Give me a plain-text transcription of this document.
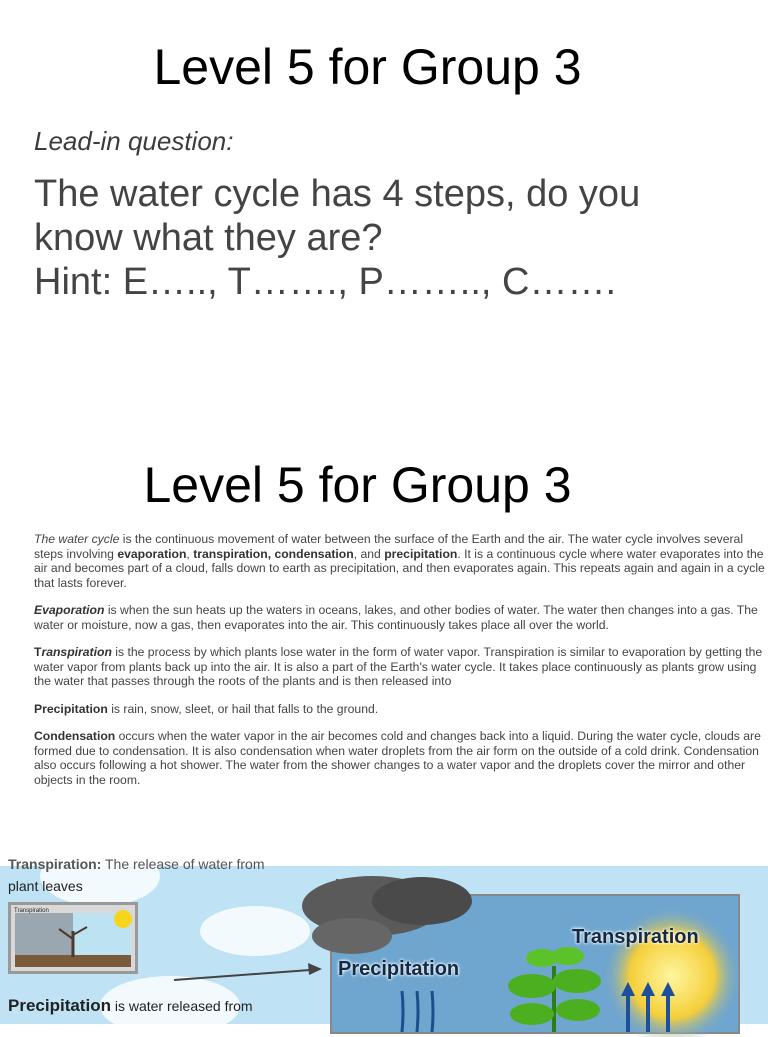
Level 5 for Group 3
Lead-in question:
The water cycle has 4 steps, do you
know what they are?
Hint: E….., T……., P…….., C…….
Level 5 for Group 3

The water cycle is the continuous movement of water between the surface of the Earth and the air. The water cycle involves several steps involving evaporation, transpiration, condensation, and precipitation. It is a continuous cycle where water evaporates into the air and becomes part of a cloud, falls down to earth as precipitation, and then evaporates again. This repeats again and again in a cycle that lasts forever.

Evaporation is when the sun heats up the waters in oceans, lakes, and other bodies of water. The water then changes into a gas. The water or moisture, now a gas, then evaporates into the air. This continuously takes place all over the world.

Transpiration is the process by which plants lose water in the form of water vapor. Transpiration is similar to evaporation by getting the water vapor from plants back up into the air. It is also a part of the Earth's water cycle. It takes place continuously as plants grow using the water that passes through the roots of the plants and is then released into

Precipitation is rain, snow, sleet, or hail that falls to the ground.

Condensation occurs when the water vapor in the air becomes cold and changes back into a liquid. During the water cycle, clouds are formed due to condensation. It is also condensation when water droplets from the air form on the outside of a cold drink. Condensation also occurs following a hot shower. The water from the shower changes to a water vapor and the droplets cover the mirror and other objects in the room.

Transpiration: The release of water from
plant leaves
Transpiration
Precipitation is water released from
Transpiration
Precipitation
